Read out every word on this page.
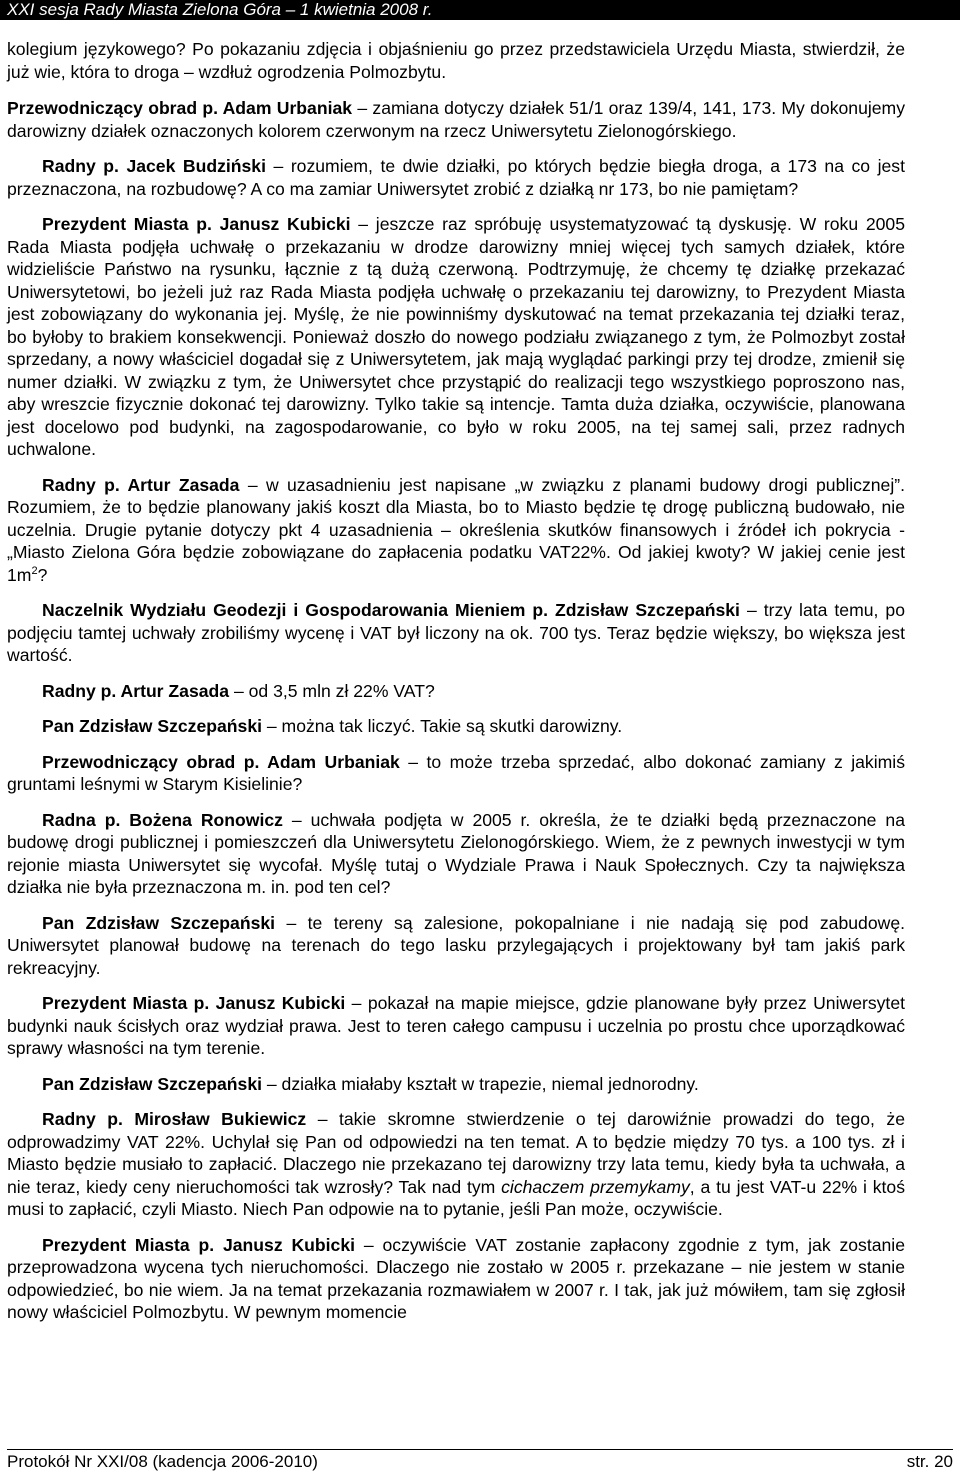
XXI sesja Rady Miasta Zielona Góra – 1 kwietnia 2008 r.

kolegium językowego? Po pokazaniu zdjęcia i objaśnieniu go przez przedstawiciela Urzędu Miasta, stwierdził, że już wie, która to droga – wzdłuż ogrodzenia Polmozbytu.

Przewodniczący obrad p. Adam Urbaniak – zamiana dotyczy działek 51/1 oraz 139/4, 141, 173. My dokonujemy darowizny działek oznaczonych kolorem czerwonym na rzecz Uniwersytetu Zielonogórskiego.

Radny p. Jacek Budziński – rozumiem, te dwie działki, po których będzie biegła droga, a 173 na co jest przeznaczona, na rozbudowę? A co ma zamiar Uniwersytet zrobić z działką nr 173, bo nie pamiętam?

Prezydent Miasta p. Janusz Kubicki – jeszcze raz spróbuję usystematyzować tą dyskusję. W roku 2005 Rada Miasta podjęła uchwałę o przekazaniu w drodze darowizny mniej więcej tych samych działek, które widzieliście Państwo na rysunku, łącznie z tą dużą czerwoną. Podtrzymuję, że chcemy tę działkę przekazać Uniwersytetowi, bo jeżeli już raz Rada Miasta podjęła uchwałę o przekazaniu tej darowizny, to Prezydent Miasta jest zobowiązany do wykonania jej. Myślę, że nie powinniśmy dyskutować na temat przekazania tej działki teraz, bo byłoby to brakiem konsekwencji. Ponieważ doszło do nowego podziału związanego z tym, że Polmozbyt został sprzedany, a nowy właściciel dogadał się z Uniwersytetem, jak mają wyglądać parkingi przy tej drodze, zmienił się numer działki. W związku z tym, że Uniwersytet chce przystąpić do realizacji tego wszystkiego poproszono nas, aby wreszcie fizycznie dokonać tej darowizny. Tylko takie są intencje. Tamta duża działka, oczywiście, planowana jest docelowo pod budynki, na zagospodarowanie, co było w roku 2005, na tej samej sali, przez radnych uchwalone.

Radny p. Artur Zasada – w uzasadnieniu jest napisane „w związku z planami budowy drogi publicznej”. Rozumiem, że to będzie planowany jakiś koszt dla Miasta, bo to Miasto będzie tę drogę publiczną budowało, nie uczelnia. Drugie pytanie dotyczy pkt 4 uzasadnienia – określenia skutków finansowych i źródeł ich pokrycia - „Miasto Zielona Góra będzie zobowiązane do zapłacenia podatku VAT22%. Od jakiej kwoty? W jakiej cenie jest $1m^2$?

Naczelnik Wydziału Geodezji i Gospodarowania Mieniem p. Zdzisław Szczepański – trzy lata temu, po podjęciu tamtej uchwały zrobiliśmy wycenę i VAT był liczony na ok. 700 tys. Teraz będzie większy, bo większa jest wartość.

Radny p. Artur Zasada – od 3,5 mln zł 22% VAT?

Pan Zdzisław Szczepański – można tak liczyć. Takie są skutki darowizny.

Przewodniczący obrad p. Adam Urbaniak – to może trzeba sprzedać, albo dokonać zamiany z jakimiś gruntami leśnymi w Starym Kisielinie?

Radna p. Bożena Ronowicz – uchwała podjęta w 2005 r. określa, że te działki będą przeznaczone na budowę drogi publicznej i pomieszczeń dla Uniwersytetu Zielonogórskiego. Wiem, że z pewnych inwestycji w tym rejonie miasta Uniwersytet się wycofał. Myślę tutaj o Wydziale Prawa i Nauk Społecznych. Czy ta największa działka nie była przeznaczona m. in. pod ten cel?

Pan Zdzisław Szczepański – te tereny są zalesione, pokopalniane i nie nadają się pod zabudowę. Uniwersytet planował budowę na terenach do tego lasku przylegających i projektowany był tam jakiś park rekreacyjny.

Prezydent Miasta p. Janusz Kubicki – pokazał na mapie miejsce, gdzie planowane były przez Uniwersytet budynki nauk ścisłych oraz wydział prawa. Jest to teren całego campusu i uczelnia po prostu chce uporządkować sprawy własności na tym terenie.

Pan Zdzisław Szczepański – działka miałaby kształt w trapezie, niemal jednorodny.

Radny p. Mirosław Bukiewicz – takie skromne stwierdzenie o tej darowiźnie prowadzi do tego, że odprowadzimy VAT 22%. Uchylał się Pan od odpowiedzi na ten temat. A to będzie między 70 tys. a 100 tys. zł i Miasto będzie musiało to zapłacić. Dlaczego nie przekazano tej darowizny trzy lata temu, kiedy była ta uchwała, a nie teraz, kiedy ceny nieruchomości tak wzrosły? Tak nad tym cichaczem przemykamy, a tu jest VAT-u 22% i ktoś musi to zapłacić, czyli Miasto. Niech Pan odpowie na to pytanie, jeśli Pan może, oczywiście.

Prezydent Miasta p. Janusz Kubicki – oczywiście VAT zostanie zapłacony zgodnie z tym, jak zostanie przeprowadzona wycena tych nieruchomości. Dlaczego nie zostało w 2005 r. przekazane – nie jestem w stanie odpowiedzieć, bo nie wiem. Ja na temat przekazania rozmawiałem w 2007 r. I tak, jak już mówiłem, tam się zgłosił nowy właściciel Polmozbytu. W pewnym momencie

Protokół Nr XXI/08 (kadencja 2006-2010)	str. 20
